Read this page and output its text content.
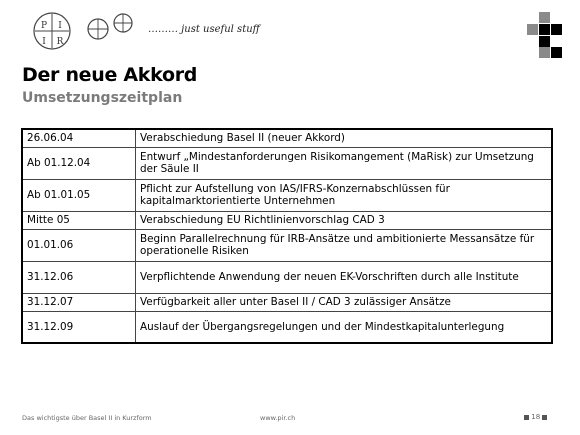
P I
I R
……… just useful stuff
Der neue Akkord
Umsetzungszeitplan
26.06.04	Verabschiedung Basel II (neuer Akkord)
Ab 01.12.04	Entwurf „Mindestanforderungen Risikomangement (MaRisk) zur Umsetzung der Säule II
Ab 01.01.05	Pflicht zur Aufstellung von IAS/IFRS-Konzernabschlüssen für kapitalmarktorientierte Unternehmen
Mitte 05	Verabschiedung EU Richtlinienvorschlag CAD 3
01.01.06	Beginn Parallelrechnung für IRB-Ansätze und ambitionierte Messansätze für operationelle Risiken
31.12.06	Verpflichtende Anwendung der neuen EK-Vorschriften durch alle Institute
31.12.07	Verfügbarkeit aller unter Basel II / CAD 3 zulässiger Ansätze
31.12.09	Auslauf der Übergangsregelungen und der Mindestkapitalunterlegung
Das wichtigste über Basel II in Kurzform	www.pir.ch	18
